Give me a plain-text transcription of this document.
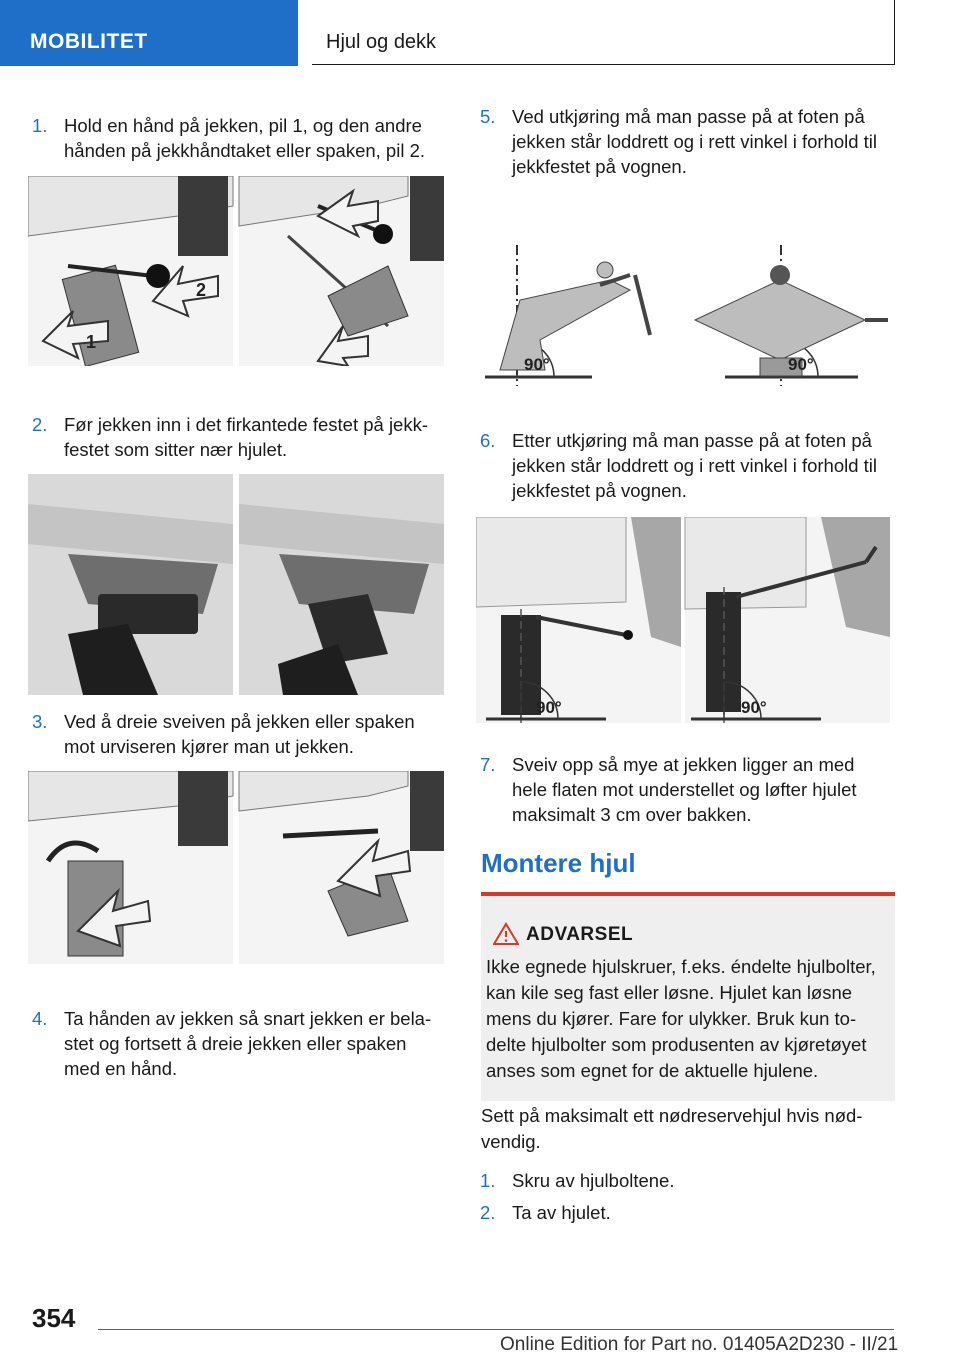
MOBILITET	Hjul og dekk
1. Hold en hånd på jekken, pil 1, og den andre
hånden på jekkhåndtaket eller spaken, pil 2.
1
2
2. Før jekken inn i det firkantede festet på jekk-
festet som sitter nær hjulet.
3. Ved å dreie sveiven på jekken eller spaken
mot urviseren kjører man ut jekken.
4. Ta hånden av jekken så snart jekken er bela-
stet og fortsett å dreie jekken eller spaken
med en hånd.
5. Ved utkjøring må man passe på at foten på
jekken står loddrett og i rett vinkel i forhold til
jekkfestet på vognen.
90°	90°
6. Etter utkjøring må man passe på at foten på
jekken står loddrett og i rett vinkel i forhold til
jekkfestet på vognen.
90°	90°
7. Sveiv opp så mye at jekken ligger an med
hele flaten mot understellet og løfter hjulet
maksimalt 3 cm over bakken.
Montere hjul
ADVARSEL
Ikke egnede hjulskruer, f.eks. éndelte hjulbolter,
kan kile seg fast eller løsne. Hjulet kan løsne
mens du kjører. Fare for ulykker. Bruk kun to-
delte hjulbolter som produsenten av kjøretøyet
anses som egnet for de aktuelle hjulene.
Sett på maksimalt ett nødreservehjul hvis nød-
vendig.
1. Skru av hjulboltene.
2. Ta av hjulet.
354
Online Edition for Part no. 01405A2D230 - II/21
